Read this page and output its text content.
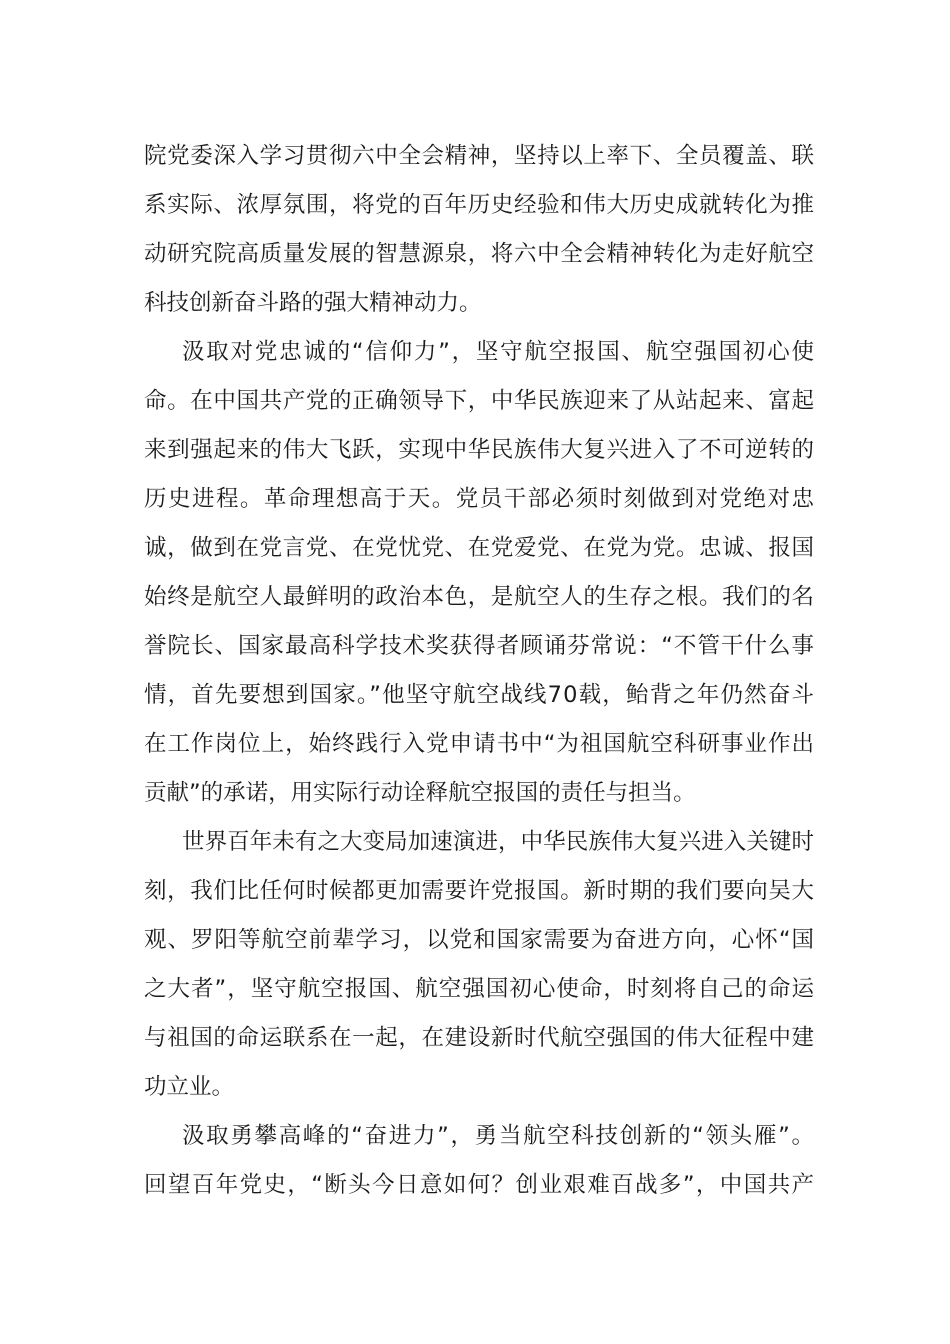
院党委深入学习贯彻六中全会精神，坚持以上率下、全员覆盖、联
系实际、浓厚氛围，将党的百年历史经验和伟大历史成就转化为推
动研究院高质量发展的智慧源泉，将六中全会精神转化为走好航空
科技创新奋斗路的强大精神动力。
汲取对党忠诚的“信仰力”，坚守航空报国、航空强国初心使
命。在中国共产党的正确领导下，中华民族迎来了从站起来、富起
来到强起来的伟大飞跃，实现中华民族伟大复兴进入了不可逆转的
历史进程。革命理想高于天。党员干部必须时刻做到对党绝对忠
诚，做到在党言党、在党忧党、在党爱党、在党为党。忠诚、报国
始终是航空人最鲜明的政治本色，是航空人的生存之根。我们的名
誉院长、国家最高科学技术奖获得者顾诵芬常说：“不管干什么事
情，首先要想到国家。”他坚守航空战线70载，鲐背之年仍然奋斗
在工作岗位上，始终践行入党申请书中“为祖国航空科研事业作出
贡献”的承诺，用实际行动诠释航空报国的责任与担当。
世界百年未有之大变局加速演进，中华民族伟大复兴进入关键时
刻，我们比任何时候都更加需要许党报国。新时期的我们要向吴大
观、罗阳等航空前辈学习，以党和国家需要为奋进方向，心怀“国
之大者”，坚守航空报国、航空强国初心使命，时刻将自己的命运
与祖国的命运联系在一起，在建设新时代航空强国的伟大征程中建
功立业。
汲取勇攀高峰的“奋进力”，勇当航空科技创新的“领头雁”。
回望百年党史，“断头今日意如何？创业艰难百战多”，中国共产
